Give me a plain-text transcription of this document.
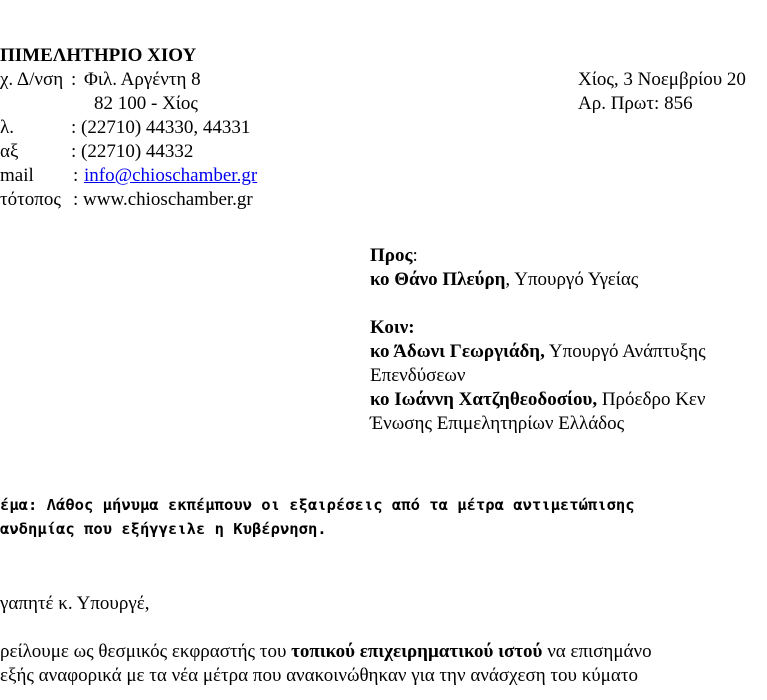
ΠΙΜΕΛΗΤΗΡΙΟ ΧΙΟΥ
χ. Δ/νση : Φιλ. Αργέντη 8
82 100 - Χίος
λ.	: (22710) 44330, 44331
αξ	: (22710) 44332
mail : info@chioschamber.gr
τότοπος : www.chioschamber.gr
Χίος, 3 Νοεμβρίου 20
Αρ. Πρωτ: 856
Προς:
κο Θάνο Πλεύρη, Υπουργό Υγείας
Κοιν:
κο Άδωνι Γεωργιάδη, Υπουργό Ανάπτυξης
Επενδύσεων
κο Ιωάννη Χατζηθεοδοσίου, Πρόεδρο Κεν
Ένωσης Επιμελητηρίων Ελλάδος
έμα: Λάθος μήνυμα εκπέμπουν οι εξαιρέσεις από τα μέτρα αντιμετώπισης
ανδημίας που εξήγγειλε η Κυβέρνηση.
γαπητέ κ. Υπουργέ,
ρείλουμε ως θεσμικός εκφραστής του τοπικού επιχειρηματικού ιστού να επισημάνο
εξής αναφορικά με τα νέα μέτρα που ανακοινώθηκαν για την ανάσχεση του κύματο
